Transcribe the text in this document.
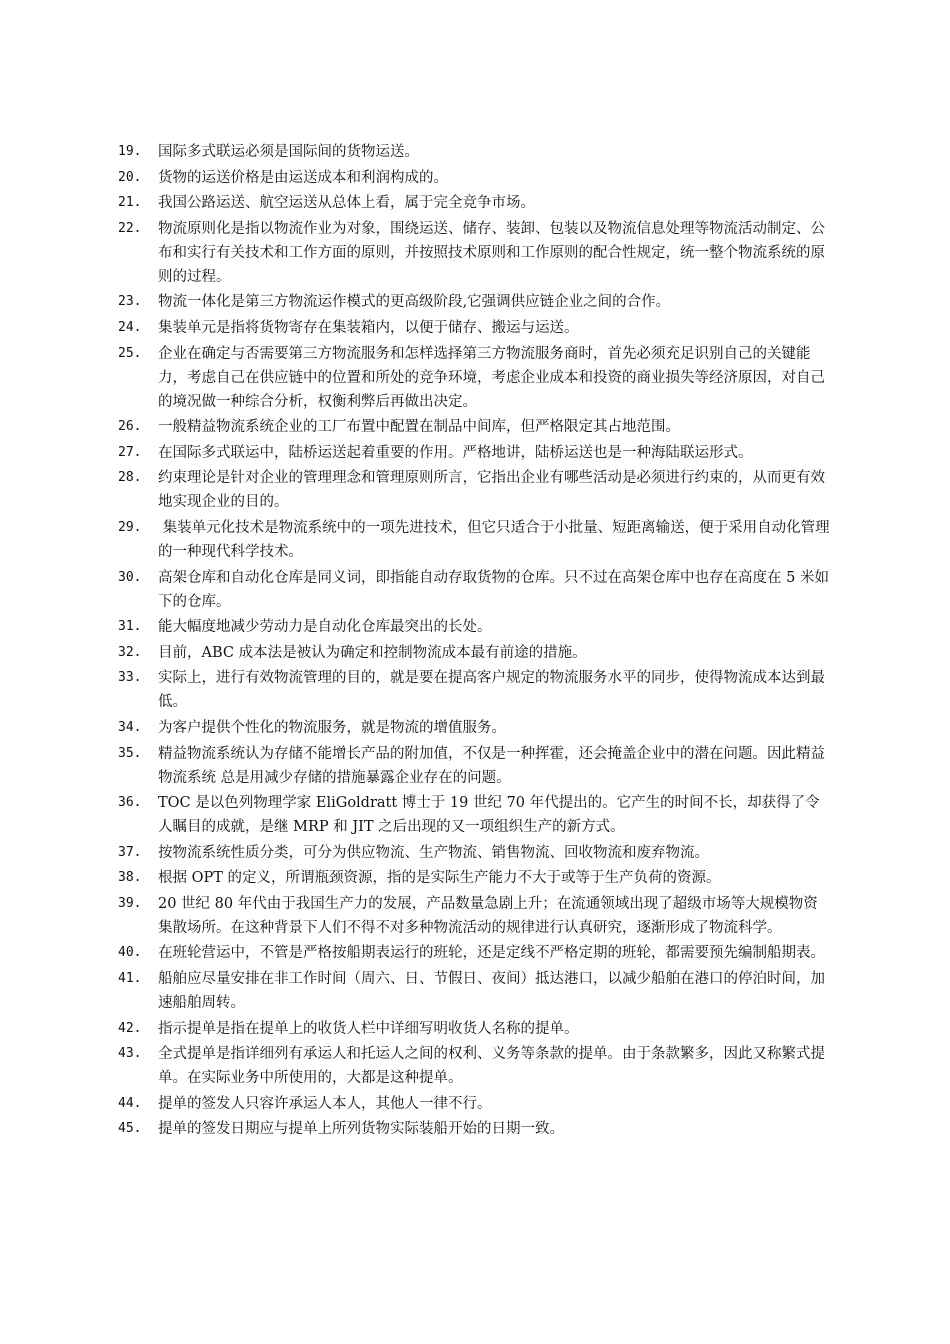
19.	国际多式联运必须是国际间的货物运送。
20.	货物的运送价格是由运送成本和利润构成的。
21.	我国公路运送、航空运送从总体上看，属于完全竞争市场。
22.	物流原则化是指以物流作业为对象，围绕运送、储存、装卸、包装以及物流信息处理等物流活动制定、公布和实行有关技术和工作方面的原则，并按照技术原则和工作原则的配合性规定，统一整个物流系统的原则的过程。
23.	物流一体化是第三方物流运作模式的更高级阶段,它强调供应链企业之间的合作。
24.	集装单元是指将货物寄存在集装箱内，以便于储存、搬运与运送。
25.	企业在确定与否需要第三方物流服务和怎样选择第三方物流服务商时，首先必须充足识别自己的关键能力，考虑自己在供应链中的位置和所处的竞争环境，考虑企业成本和投资的商业损失等经济原因，对自己的境况做一种综合分析，权衡利弊后再做出决定。
26.	一般精益物流系统企业的工厂布置中配置在制品中间库，但严格限定其占地范围。
27.	在国际多式联运中，陆桥运送起着重要的作用。严格地讲，陆桥运送也是一种海陆联运形式。
28.	约束理论是针对企业的管理理念和管理原则所言，它指出企业有哪些活动是必须进行约束的，从而更有效地实现企业的目的。
29.	集装单元化技术是物流系统中的一项先进技术，但它只适合于小批量、短距离输送，便于采用自动化管理的一种现代科学技术。
30.	高架仓库和自动化仓库是同义词，即指能自动存取货物的仓库。只不过在高架仓库中也存在高度在 5 米如下的仓库。
31.	能大幅度地减少劳动力是自动化仓库最突出的长处。
32.	目前，ABC 成本法是被认为确定和控制物流成本最有前途的措施。
33.	实际上，进行有效物流管理的目的，就是要在提高客户规定的物流服务水平的同步，使得物流成本达到最低。
34.	为客户提供个性化的物流服务，就是物流的增值服务。
35.	精益物流系统认为存储不能增长产品的附加值，不仅是一种挥霍，还会掩盖企业中的潜在问题。因此精益物流系统 总是用减少存储的措施暴露企业存在的问题。
36.	TOC 是以色列物理学家 EliGoldratt 博士于 19 世纪 70 年代提出的。它产生的时间不长，却获得了令人瞩目的成就，是继 MRP 和 JIT 之后出现的又一项组织生产的新方式。
37.	按物流系统性质分类，可分为供应物流、生产物流、销售物流、回收物流和废弃物流。
38.	根据 OPT 的定义，所谓瓶颈资源，指的是实际生产能力不大于或等于生产负荷的资源。
39.	20 世纪 80 年代由于我国生产力的发展，产品数量急剧上升；在流通领域出现了超级市场等大规模物资集散场所。在这种背景下人们不得不对多种物流活动的规律进行认真研究，逐渐形成了物流科学。
40.	在班轮营运中，不管是严格按船期表运行的班轮，还是定线不严格定期的班轮，都需要预先编制船期表。
41.	船舶应尽量安排在非工作时间（周六、日、节假日、夜间）抵达港口，以减少船舶在港口的停泊时间，加速船舶周转。
42.	指示提单是指在提单上的收货人栏中详细写明收货人名称的提单。
43.	全式提单是指详细列有承运人和托运人之间的权利、义务等条款的提单。由于条款繁多，因此又称繁式提单。在实际业务中所使用的，大都是这种提单。
44.	提单的签发人只容许承运人本人，其他人一律不行。
45.	提单的签发日期应与提单上所列货物实际装船开始的日期一致。
